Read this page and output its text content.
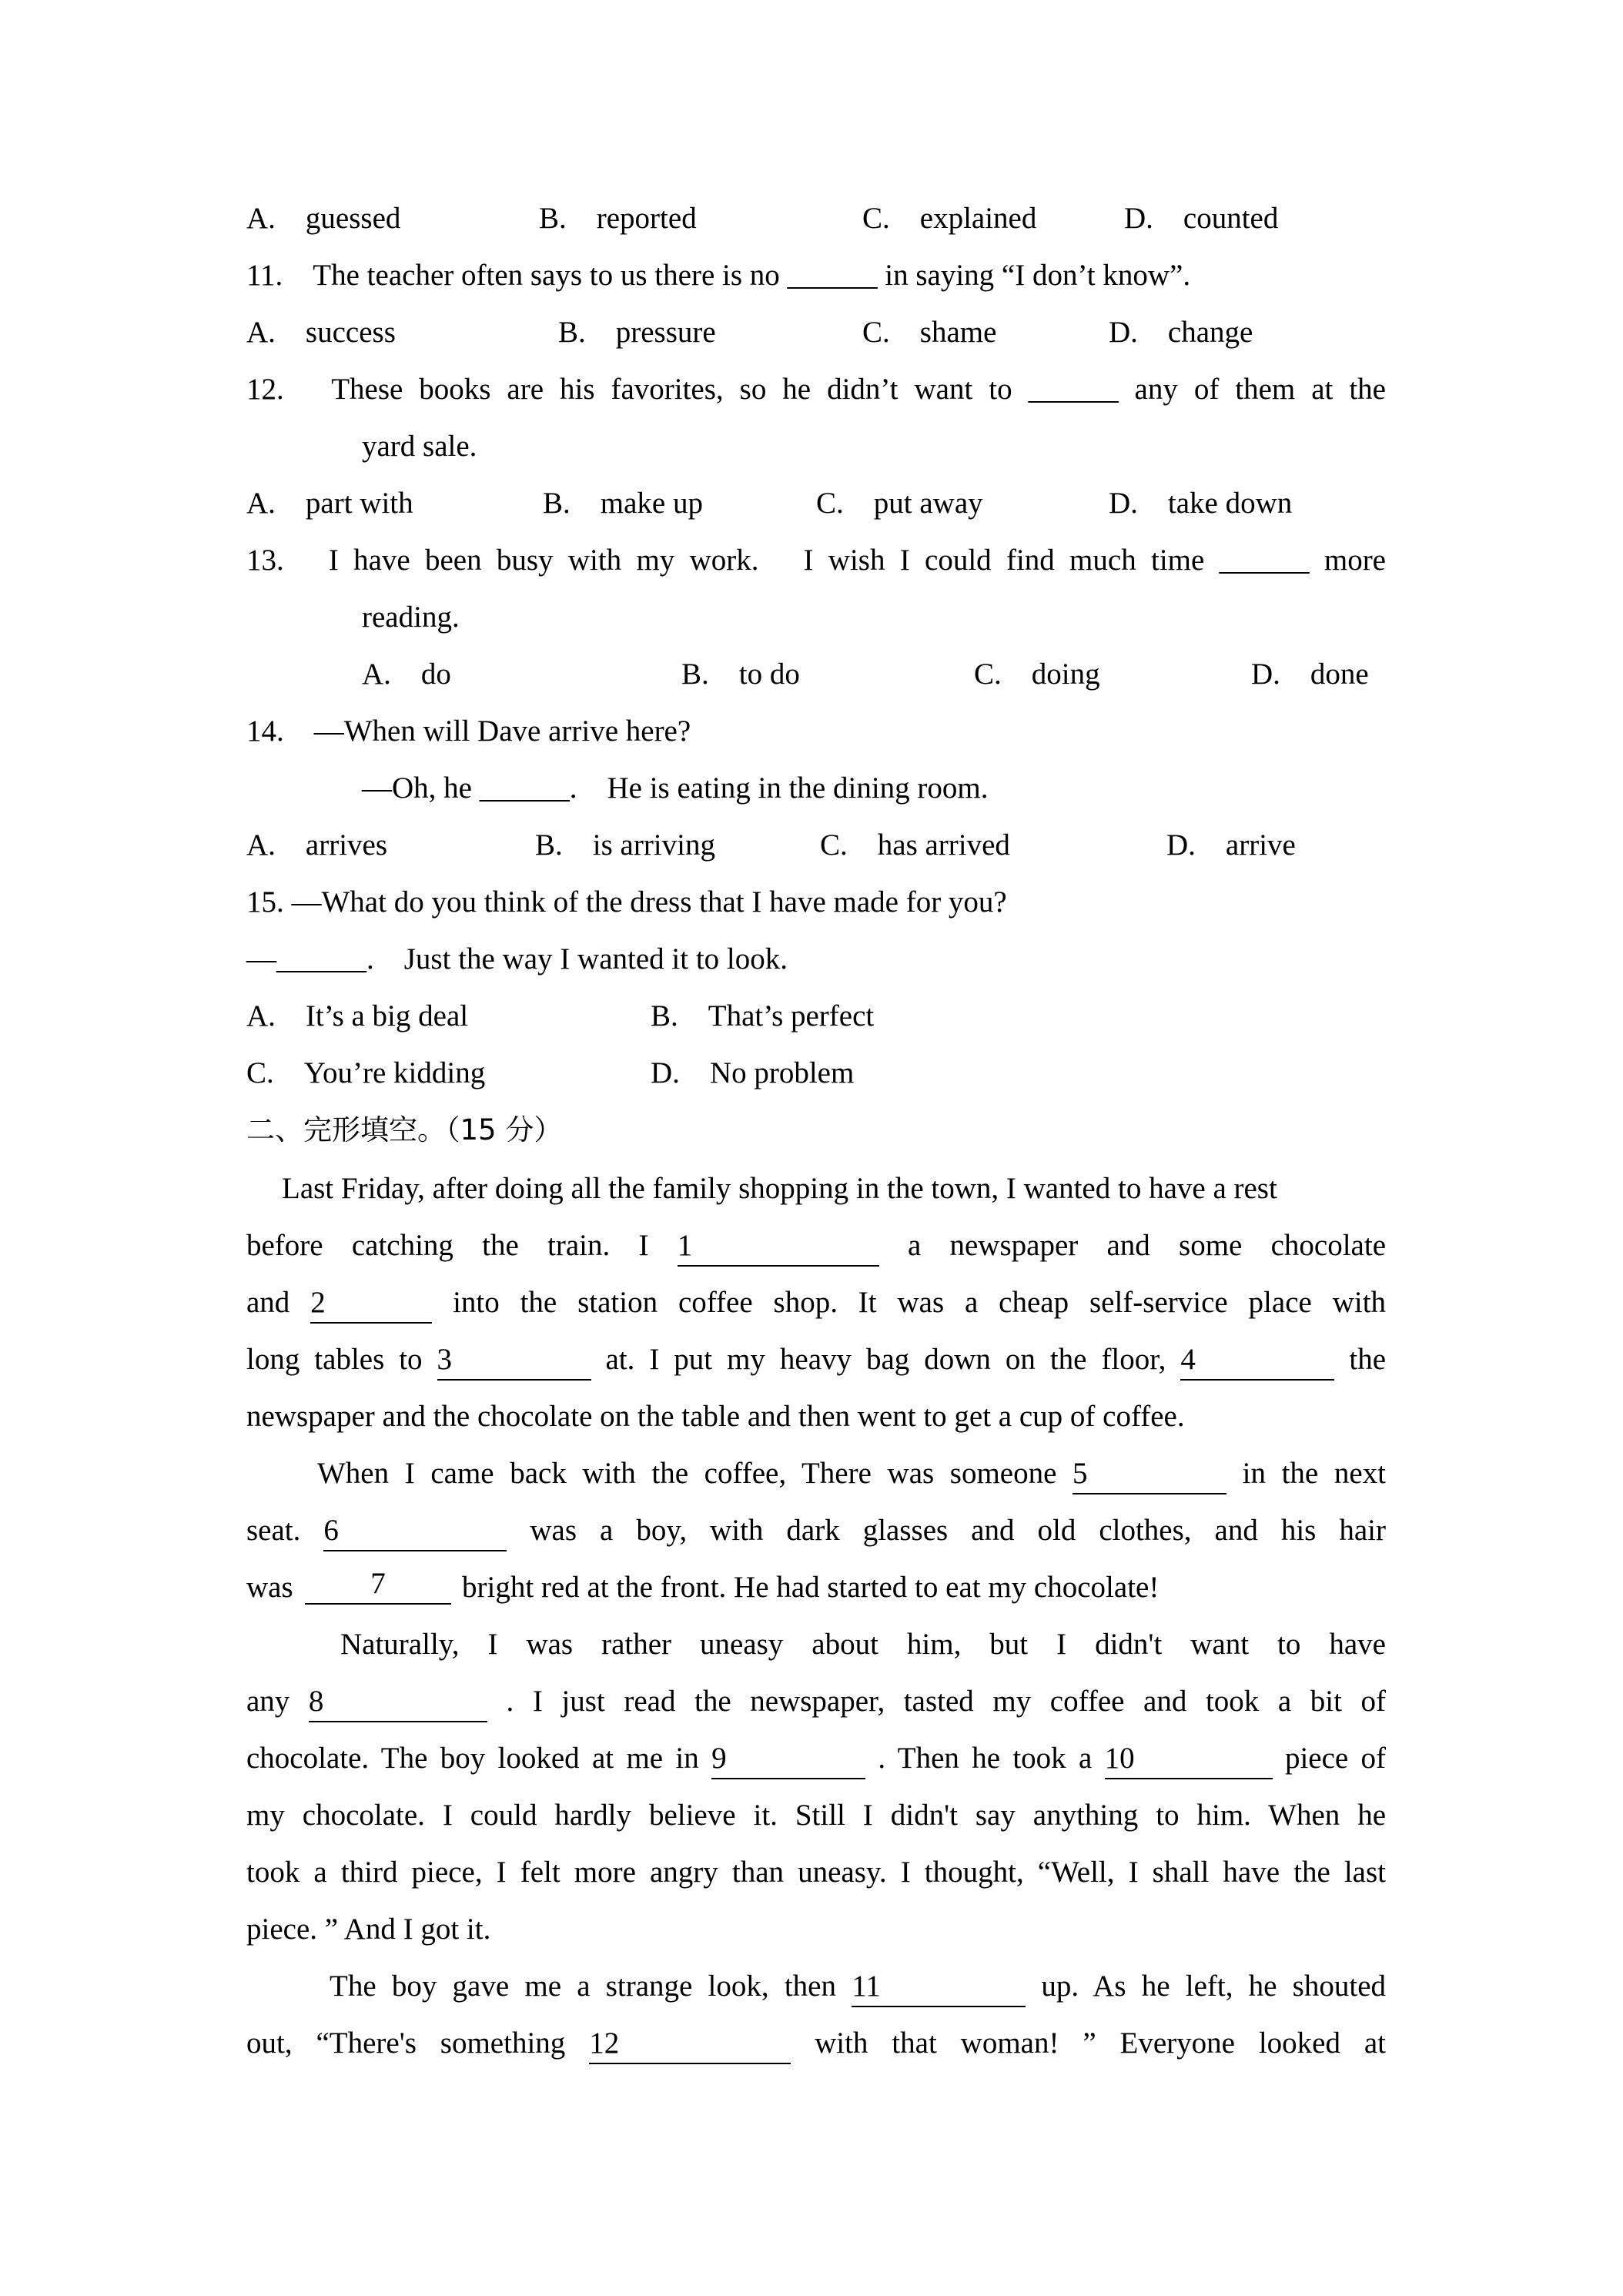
A.　guessed	B.　reported	C.　explained	D.　counted
11.　The teacher often says to us there is no ______ in saying “I don’t know”.
A.　success	B.　pressure	C.　shame	D.　change
12.　These books are his favorites, so he didn’t want to ______ any of them at the
yard sale.
A.　part with	B.　make up	C.　put away	D.　take down
13.　I have been busy with my work.　I wish I could find much time ______ more
reading.
A.　do	B.　to do	C.　doing	D.　done
14.　—When will Dave arrive here?
—Oh, he ______.　He is eating in the dining room.
A.　arrives	B.　is arriving	C.　has arrived	D.　arrive
15. —What do you think of the dress that I have made for you?
—______.　Just the way I wanted it to look.
A.　It’s a big deal	B.　That’s perfect
C.　You’re kidding	D.　No problem
二、完形填空。（15 分）
Last Friday, after doing all the family shopping in the town, I wanted to have a rest
before catching the train. I 1	a newspaper and some chocolate
and 2	into the station coffee shop. It was a cheap self-service place with
long tables to 3	at. I put my heavy bag down on the floor, 4	the
newspaper and the chocolate on the table and then went to get a cup of coffee.
When I came back with the coffee, There was someone 5	in the next
seat. 6	was a boy, with dark glasses and old clothes, and his hair
was	7	bright red at the front. He had started to eat my chocolate!
Naturally, I was rather uneasy about him, but I didn't want to have
any 8	. I just read the newspaper, tasted my coffee and took a bit of
chocolate. The boy looked at me in 9	. Then he took a 10	piece of
my chocolate. I could hardly believe it. Still I didn't say anything to him. When he
took a third piece, I felt more angry than uneasy. I thought, “Well, I shall have the last
piece. ” And I got it.
The boy gave me a strange look, then 11	up. As he left, he shouted
out, “There's something 12	with that woman! ” Everyone looked at
